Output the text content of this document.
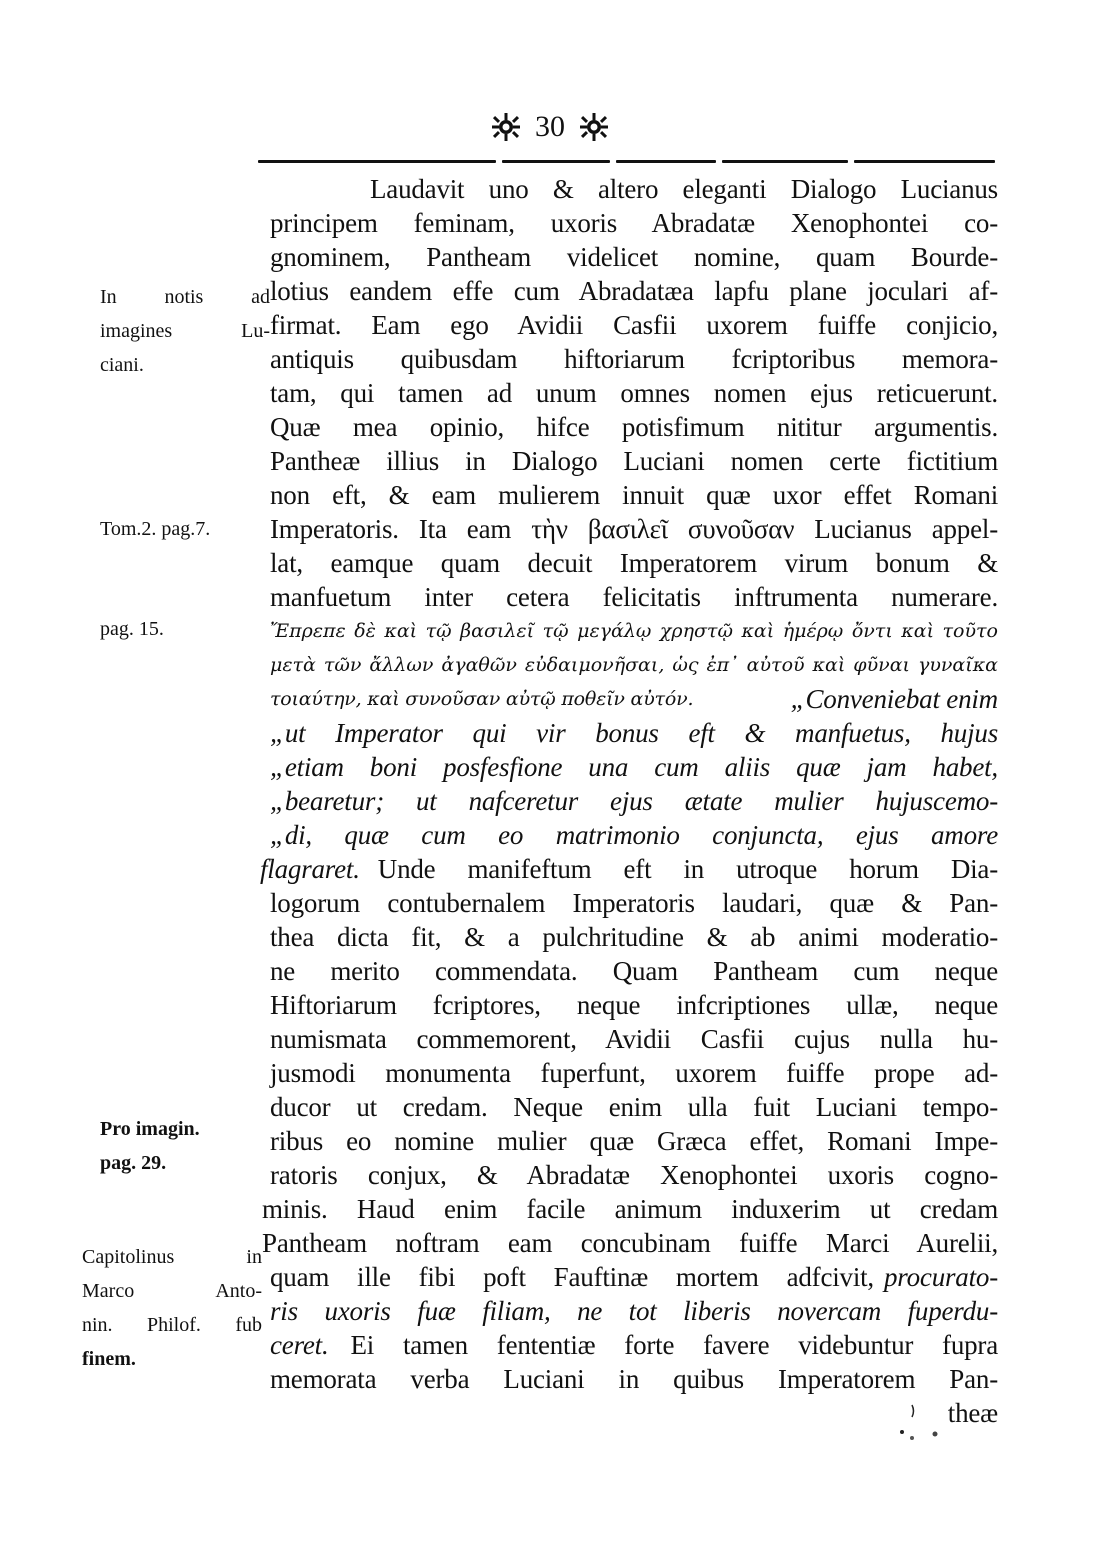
30
In notis ad
imagines Lu-
ciani.
Tom.2. pag.7.
pag. 15.
Pro imagin.
pag. 29.
Capitolinus in
Marco Anto-
nin. Philof. fub
finem.
Laudavit uno & altero eleganti Dialogo Lucianus
principem feminam, uxoris Abradatæ Xenophontei co-
gnominem, Pantheam videlicet nomine, quam Bourde-
lotius eandem effe cum Abradatæa lapfu plane joculari af-
firmat. Eam ego Avidii Casfii uxorem fuiffe conjicio,
antiquis quibusdam hiftoriarum fcriptoribus memora-
tam, qui tamen ad unum omnes nomen ejus reticuerunt.
Quæ mea opinio, hifce potisfimum nititur argumentis.
Pantheæ illius in Dialogo Luciani nomen certe fictitium
non eft, & eam mulierem innuit quæ uxor effet Romani
Imperatoris. Ita eam τὴν βασιλεῖ συνοῦσαν Lucianus appel-
lat, eamque quam decuit Imperatorem virum bonum &
manfuetum inter cetera felicitatis inftrumenta numerare.
Ἔπρεπε δὲ καὶ τῷ βασιλεῖ τῷ μεγάλῳ χρηστῷ καὶ ἡμέρῳ ὄντι καὶ τοῦτο
μετὰ τῶν ἄλλων ἀγαθῶν εὐδαιμονῆσαι, ὡς ἐπ᾽ αὐτοῦ καὶ φῦναι γυναῖκα
τοιαύτην, καὶ συνοῦσαν αὐτῷ ποθεῖν αὐτόν.	„Conveniebat enim
„ut Imperator qui vir bonus eft & manfuetus, hujus
„etiam boni posfesfione una cum aliis quæ jam habet,
„bearetur; ut nafceretur ejus ætate mulier hujuscemo-
„di, quæ cum eo matrimonio conjuncta, ejus amore
flagraret. Unde manifeftum eft in utroque horum Dia-
logorum contubernalem Imperatoris laudari, quæ & Pan-
thea dicta fit, & a pulchritudine & ab animi moderatio-
ne merito commendata. Quam Pantheam cum neque
Hiftoriarum fcriptores, neque infcriptiones ullæ, neque
numismata commemorent, Avidii Casfii cujus nulla hu-
jusmodi monumenta fuperfunt, uxorem fuiffe prope ad-
ducor ut credam. Neque enim ulla fuit Luciani tempo-
ribus eo nomine mulier quæ Græca effet, Romani Impe-
ratoris conjux, & Abradatæ Xenophontei uxoris cogno-
minis. Haud enim facile animum induxerim ut credam
Pantheam noftram eam concubinam fuiffe Marci Aurelii,
quam ille fibi poft Fauftinæ mortem adfcivit, procurato-
ris uxoris fuæ filiam, ne tot liberis novercam fuperdu-
ceret. Ei tamen fententiæ forte favere videbuntur fupra
memorata verba Luciani in quibus Imperatorem Pan-
theæ
